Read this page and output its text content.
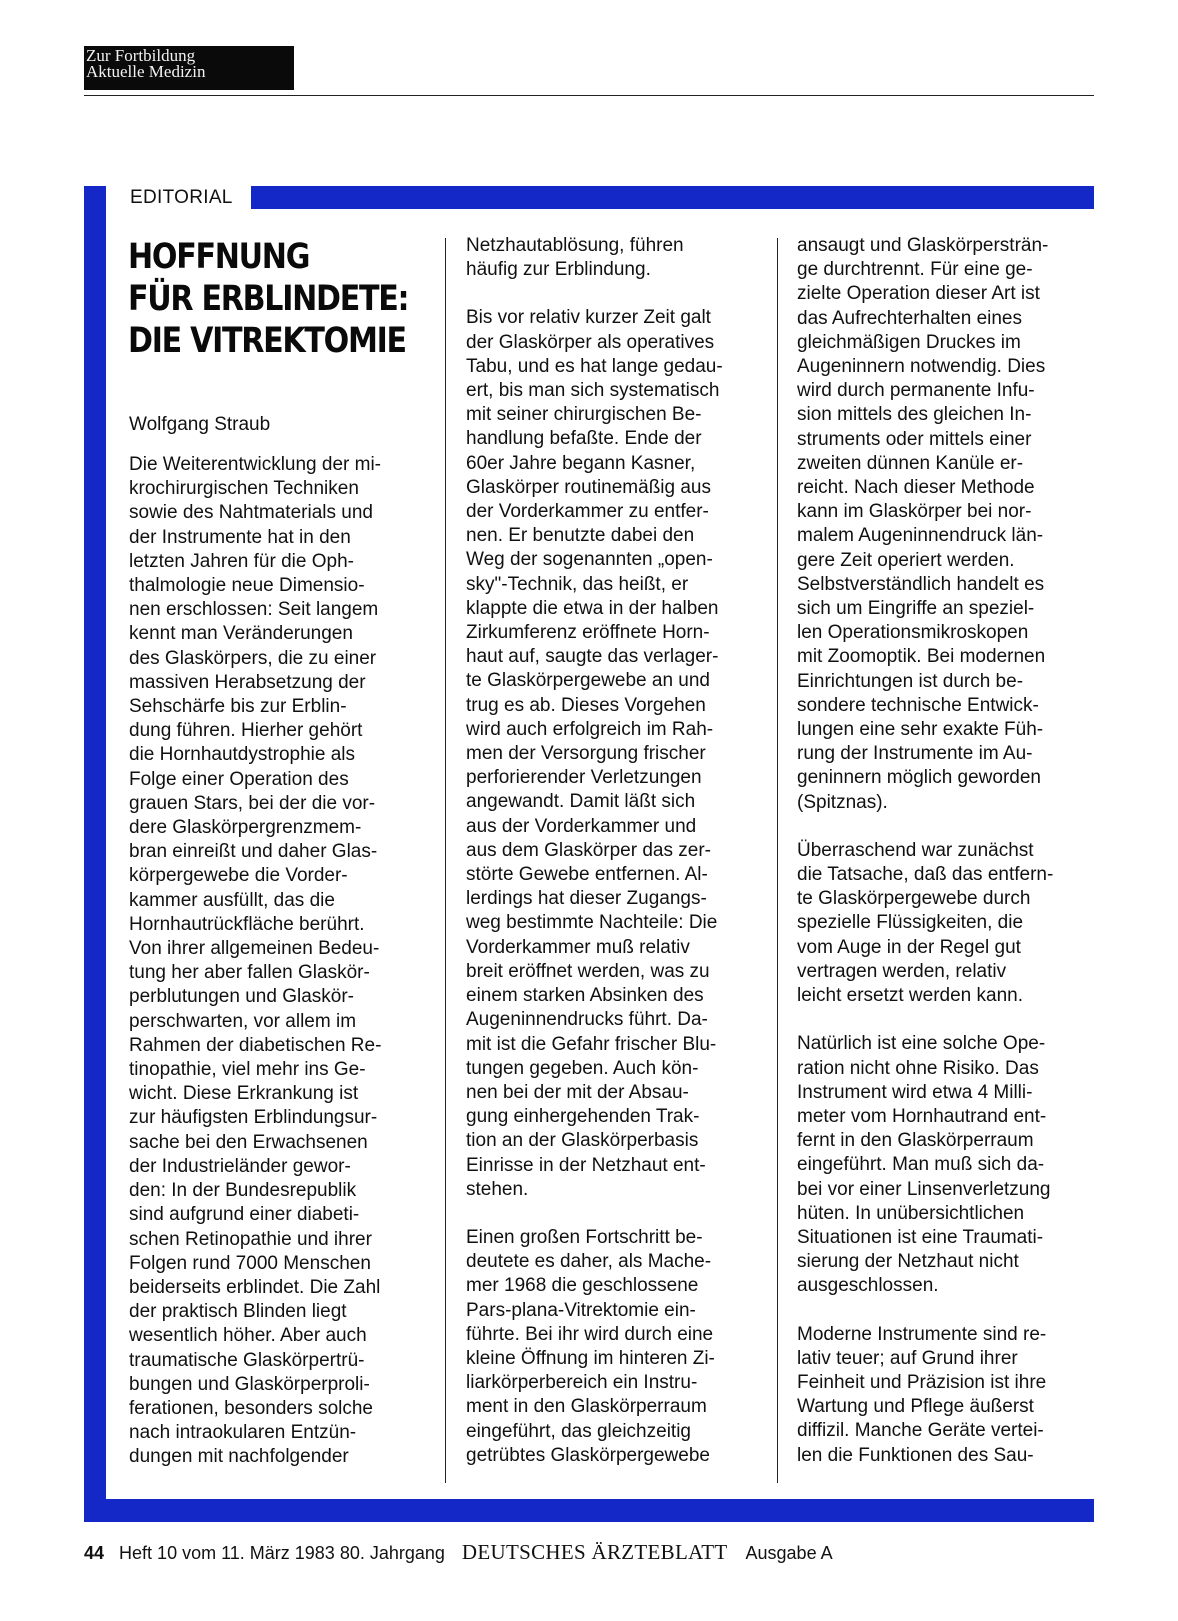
Zur Fortbildung
Aktuelle Medizin
EDITORIAL
HOFFNUNG
FÜR ERBLINDETE:
DIE VITREKTOMIE
Wolfgang Straub

Die Weiterentwicklung der mi-
krochirurgischen Techniken
sowie des Nahtmaterials und
der Instrumente hat in den
letzten Jahren für die Oph-
thalmologie neue Dimensio-
nen erschlossen: Seit langem
kennt man Veränderungen
des Glaskörpers, die zu einer
massiven Herabsetzung der
Sehschärfe bis zur Erblin-
dung führen. Hierher gehört
die Hornhautdystrophie als
Folge einer Operation des
grauen Stars, bei der die vor-
dere Glaskörpergrenzmem-
bran einreißt und daher Glas-
körpergewebe die Vorder-
kammer ausfüllt, das die
Hornhautrückfläche berührt.
Von ihrer allgemeinen Bedeu-
tung her aber fallen Glaskör-
perblutungen und Glaskör-
perschwarten, vor allem im
Rahmen der diabetischen Re-
tinopathie, viel mehr ins Ge-
wicht. Diese Erkrankung ist
zur häufigsten Erblindungsur-
sache bei den Erwachsenen
der Industrieländer gewor-
den: In der Bundesrepublik
sind aufgrund einer diabeti-
schen Retinopathie und ihrer
Folgen rund 7000 Menschen
beiderseits erblindet. Die Zahl
der praktisch Blinden liegt
wesentlich höher. Aber auch
traumatische Glaskörpertrü-
bungen und Glaskörperproli-
ferationen, besonders solche
nach intraokularen Entzün-
dungen mit nachfolgender

Netzhautablösung, führen
häufig zur Erblindung.

Bis vor relativ kurzer Zeit galt
der Glaskörper als operatives
Tabu, und es hat lange gedau-
ert, bis man sich systematisch
mit seiner chirurgischen Be-
handlung befaßte. Ende der
60er Jahre begann Kasner,
Glaskörper routinemäßig aus
der Vorderkammer zu entfer-
nen. Er benutzte dabei den
Weg der sogenannten „open-
sky"-Technik, das heißt, er
klappte die etwa in der halben
Zirkumferenz eröffnete Horn-
haut auf, saugte das verlager-
te Glaskörpergewebe an und
trug es ab. Dieses Vorgehen
wird auch erfolgreich im Rah-
men der Versorgung frischer
perforierender Verletzungen
angewandt. Damit läßt sich
aus der Vorderkammer und
aus dem Glaskörper das zer-
störte Gewebe entfernen. Al-
lerdings hat dieser Zugangs-
weg bestimmte Nachteile: Die
Vorderkammer muß relativ
breit eröffnet werden, was zu
einem starken Absinken des
Augeninnendrucks führt. Da-
mit ist die Gefahr frischer Blu-
tungen gegeben. Auch kön-
nen bei der mit der Absau-
gung einhergehenden Trak-
tion an der Glaskörperbasis
Einrisse in der Netzhaut ent-
stehen.

Einen großen Fortschritt be-
deutete es daher, als Mache-
mer 1968 die geschlossene
Pars-plana-Vitrektomie ein-
führte. Bei ihr wird durch eine
kleine Öffnung im hinteren Zi-
liarkörperbereich ein Instru-
ment in den Glaskörperraum
eingeführt, das gleichzeitig
getrübtes Glaskörpergewebe

ansaugt und Glaskörpersträn-
ge durchtrennt. Für eine ge-
zielte Operation dieser Art ist
das Aufrechterhalten eines
gleichmäßigen Druckes im
Augeninnern notwendig. Dies
wird durch permanente Infu-
sion mittels des gleichen In-
struments oder mittels einer
zweiten dünnen Kanüle er-
reicht. Nach dieser Methode
kann im Glaskörper bei nor-
malem Augeninnendruck län-
gere Zeit operiert werden.
Selbstverständlich handelt es
sich um Eingriffe an speziel-
len Operationsmikroskopen
mit Zoomoptik. Bei modernen
Einrichtungen ist durch be-
sondere technische Entwick-
lungen eine sehr exakte Füh-
rung der Instrumente im Au-
geninnern möglich geworden
(Spitznas).

Überraschend war zunächst
die Tatsache, daß das entfern-
te Glaskörpergewebe durch
spezielle Flüssigkeiten, die
vom Auge in der Regel gut
vertragen werden, relativ
leicht ersetzt werden kann.

Natürlich ist eine solche Ope-
ration nicht ohne Risiko. Das
Instrument wird etwa 4 Milli-
meter vom Hornhautrand ent-
fernt in den Glaskörperraum
eingeführt. Man muß sich da-
bei vor einer Linsenverletzung
hüten. In unübersichtlichen
Situationen ist eine Traumati-
sierung der Netzhaut nicht
ausgeschlossen.

Moderne Instrumente sind re-
lativ teuer; auf Grund ihrer
Feinheit und Präzision ist ihre
Wartung und Pflege äußerst
diffizil. Manche Geräte vertei-
len die Funktionen des Sau-

44 Heft 10 vom 11. März 1983 80. Jahrgang DEUTSCHES ÄRZTEBLATT Ausgabe A
